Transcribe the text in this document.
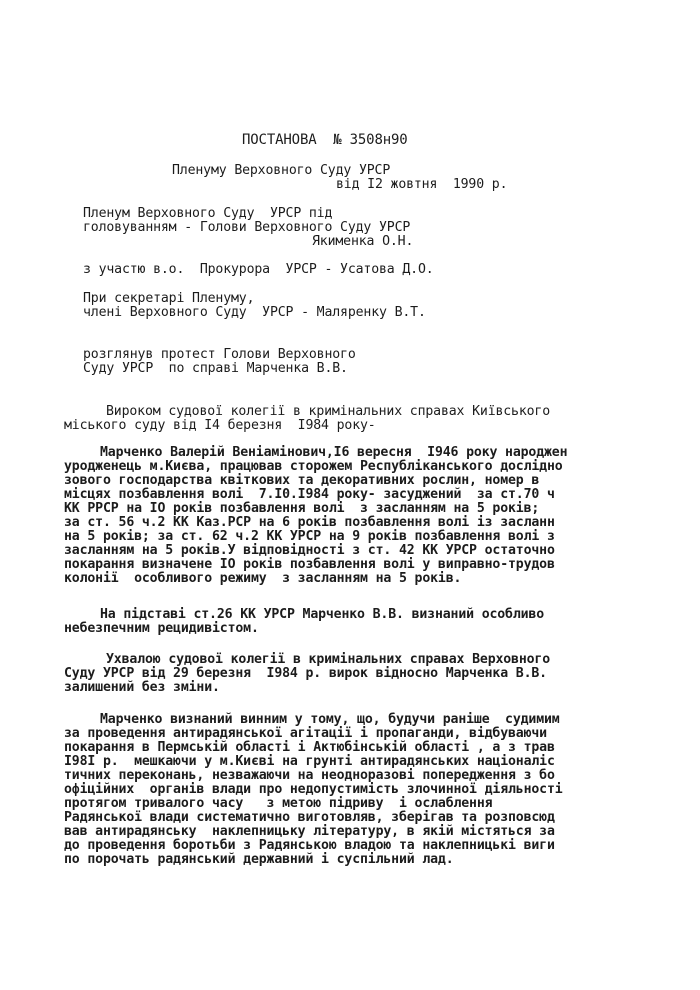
ПОСТАНОВА  № 3508н90
Пленуму Верховного Суду УРСР
від I2 жовтня  1990 р.
Пленум Верховного Суду  УРСР під
головуванням - Голови Верховного Суду УРСР
Якименка О.Н.
з участю в.о.  Прокурора  УРСР - Усатова Д.О.
При секретарі Пленуму,
члені Верховного Суду  УРСР - Маляренку В.Т.
розглянув протест Голови Верховного
Суду УРСР  по справі Марченка В.В.
Вироком судової колегії в кримінальних справах Київського
міського суду від I4 березня  I984 року-
Марченко Валерій Веніамінович,I6 вересня  I946 року народжен
уродженець м.Києва, працював сторожем Республіканського дослідно
зового господарства квіткових та декоративних рослин, номер в
місцях позбавлення волі  7.I0.I984 року- засуджений  за ст.70 ч
КК РРСР на IO років позбавлення волі  з засланням на 5 років;
за ст. 56 ч.2 КК Каз.РСР на 6 років позбавлення волі із засланн
на 5 років; за ст. 62 ч.2 КК УРСР на 9 років позбавлення волі з
засланням на 5 років.У відповідності з ст. 42 КК УРСР остаточно
покарання визначене IO років позбавлення волі у виправно-трудов
колонії  особливого режиму  з засланням на 5 років.
На підставі ст.26 КК УРСР Марченко В.В. визнаний особливо
небезпечним рецидивістом.
Ухвалою судової колегії в кримінальних справах Верховного
Суду УРСР від 29 березня  I984 р. вирок відносно Марченка В.В.
залишений без зміни.
Марченко визнаний винним у тому, що, будучи раніше  судимим
за проведення антирадянської агітації і пропаганди, відбуваючи
покарання в Пермській області і Актюбінській області , а з трав
I98I р.  мешкаючи у м.Києві на грунті антирадянських націоналіс
тичних переконань, незважаючи на неодноразові попередження з бо
офіційних  органів влади про недопустимість злочинної діяльності
протягом тривалого часу   з метою підриву  і ослаблення
Радянської влади систематично виготовляв, зберігав та розповсюд
вав антирадянську  наклепницьку літературу, в якій містяться за
до проведення боротьби з Радянською владою та наклепницькі виги
по порочать радянський державний і суспільний лад.
